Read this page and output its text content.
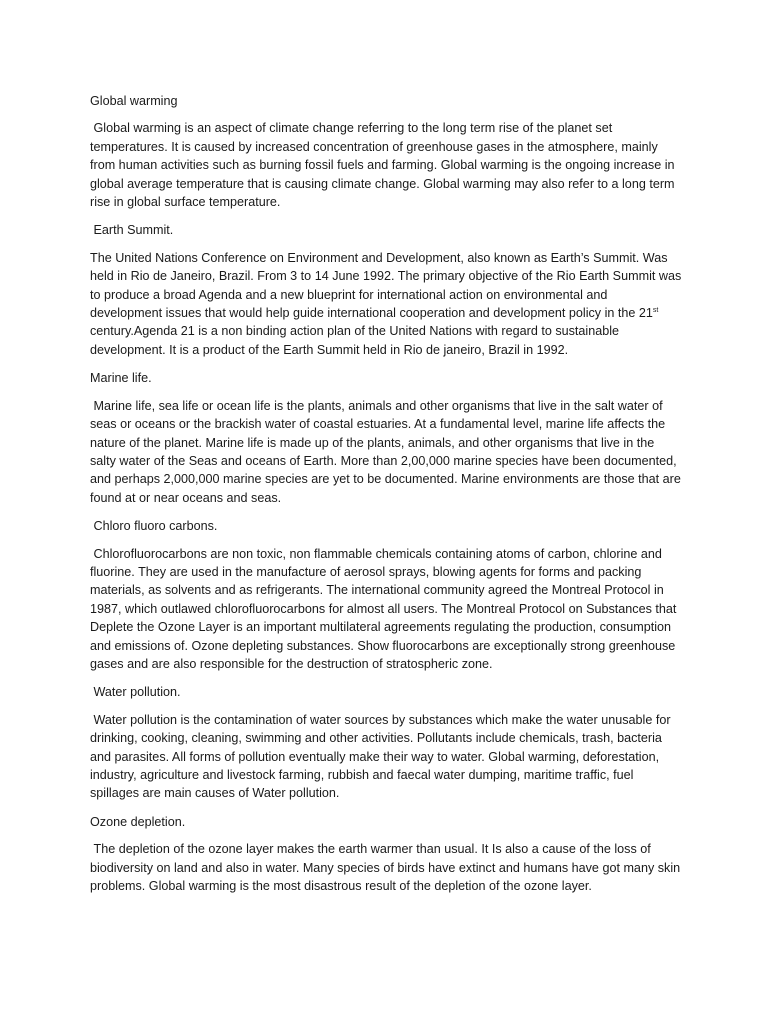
Global warming
Global warming is an aspect of climate change referring to the long term rise of the planet set temperatures. It is caused by increased concentration of greenhouse gases in the atmosphere, mainly from human activities such as burning fossil fuels and farming. Global warming is the ongoing increase in global average temperature that is causing climate change. Global warming may also refer to a long term rise in global surface temperature.
Earth Summit.
The United Nations Conference on Environment and Development, also known as Earth’s Summit. Was held in Rio de Janeiro, Brazil. From 3 to 14 June 1992. The primary objective of the Rio Earth Summit was to produce a broad Agenda and a new blueprint for international action on environmental and development issues that would help guide international cooperation and development policy in the 21st century.Agenda 21 is a non binding action plan of the United Nations with regard to sustainable development. It is a product of the Earth Summit held in Rio de janeiro, Brazil in 1992.
Marine life.
Marine life, sea life or ocean life is the plants, animals and other organisms that live in the salt water of seas or oceans or the brackish water of coastal estuaries. At a fundamental level, marine life affects the nature of the planet. Marine life is made up of the plants, animals, and other organisms that live in the salty water of the Seas and oceans of Earth. More than 2,00,000 marine species have been documented, and perhaps 2,000,000 marine species are yet to be documented. Marine environments are those that are found at or near oceans and seas.
Chloro fluoro carbons.
Chlorofluorocarbons are non toxic, non flammable chemicals containing atoms of carbon, chlorine and fluorine. They are used in the manufacture of aerosol sprays, blowing agents for forms and packing materials, as solvents and as refrigerants. The international community agreed the Montreal Protocol in 1987, which outlawed chlorofluorocarbons for almost all users. The Montreal Protocol on Substances that Deplete the Ozone Layer is an important multilateral agreements regulating the production, consumption and emissions of. Ozone depleting substances. Show fluorocarbons are exceptionally strong greenhouse gases and are also responsible for the destruction of stratospheric zone.
Water pollution.
Water pollution is the contamination of water sources by substances which make the water unusable for drinking, cooking, cleaning, swimming and other activities. Pollutants include chemicals, trash, bacteria and parasites. All forms of pollution eventually make their way to water. Global warming, deforestation, industry, agriculture and livestock farming, rubbish and faecal water dumping, maritime traffic, fuel spillages are main causes of Water pollution.
Ozone depletion.
The depletion of the ozone layer makes the earth warmer than usual. It Is also a cause of the loss of biodiversity on land and also in water. Many species of birds have extinct and humans have got many skin problems. Global warming is the most disastrous result of the depletion of the ozone layer.
